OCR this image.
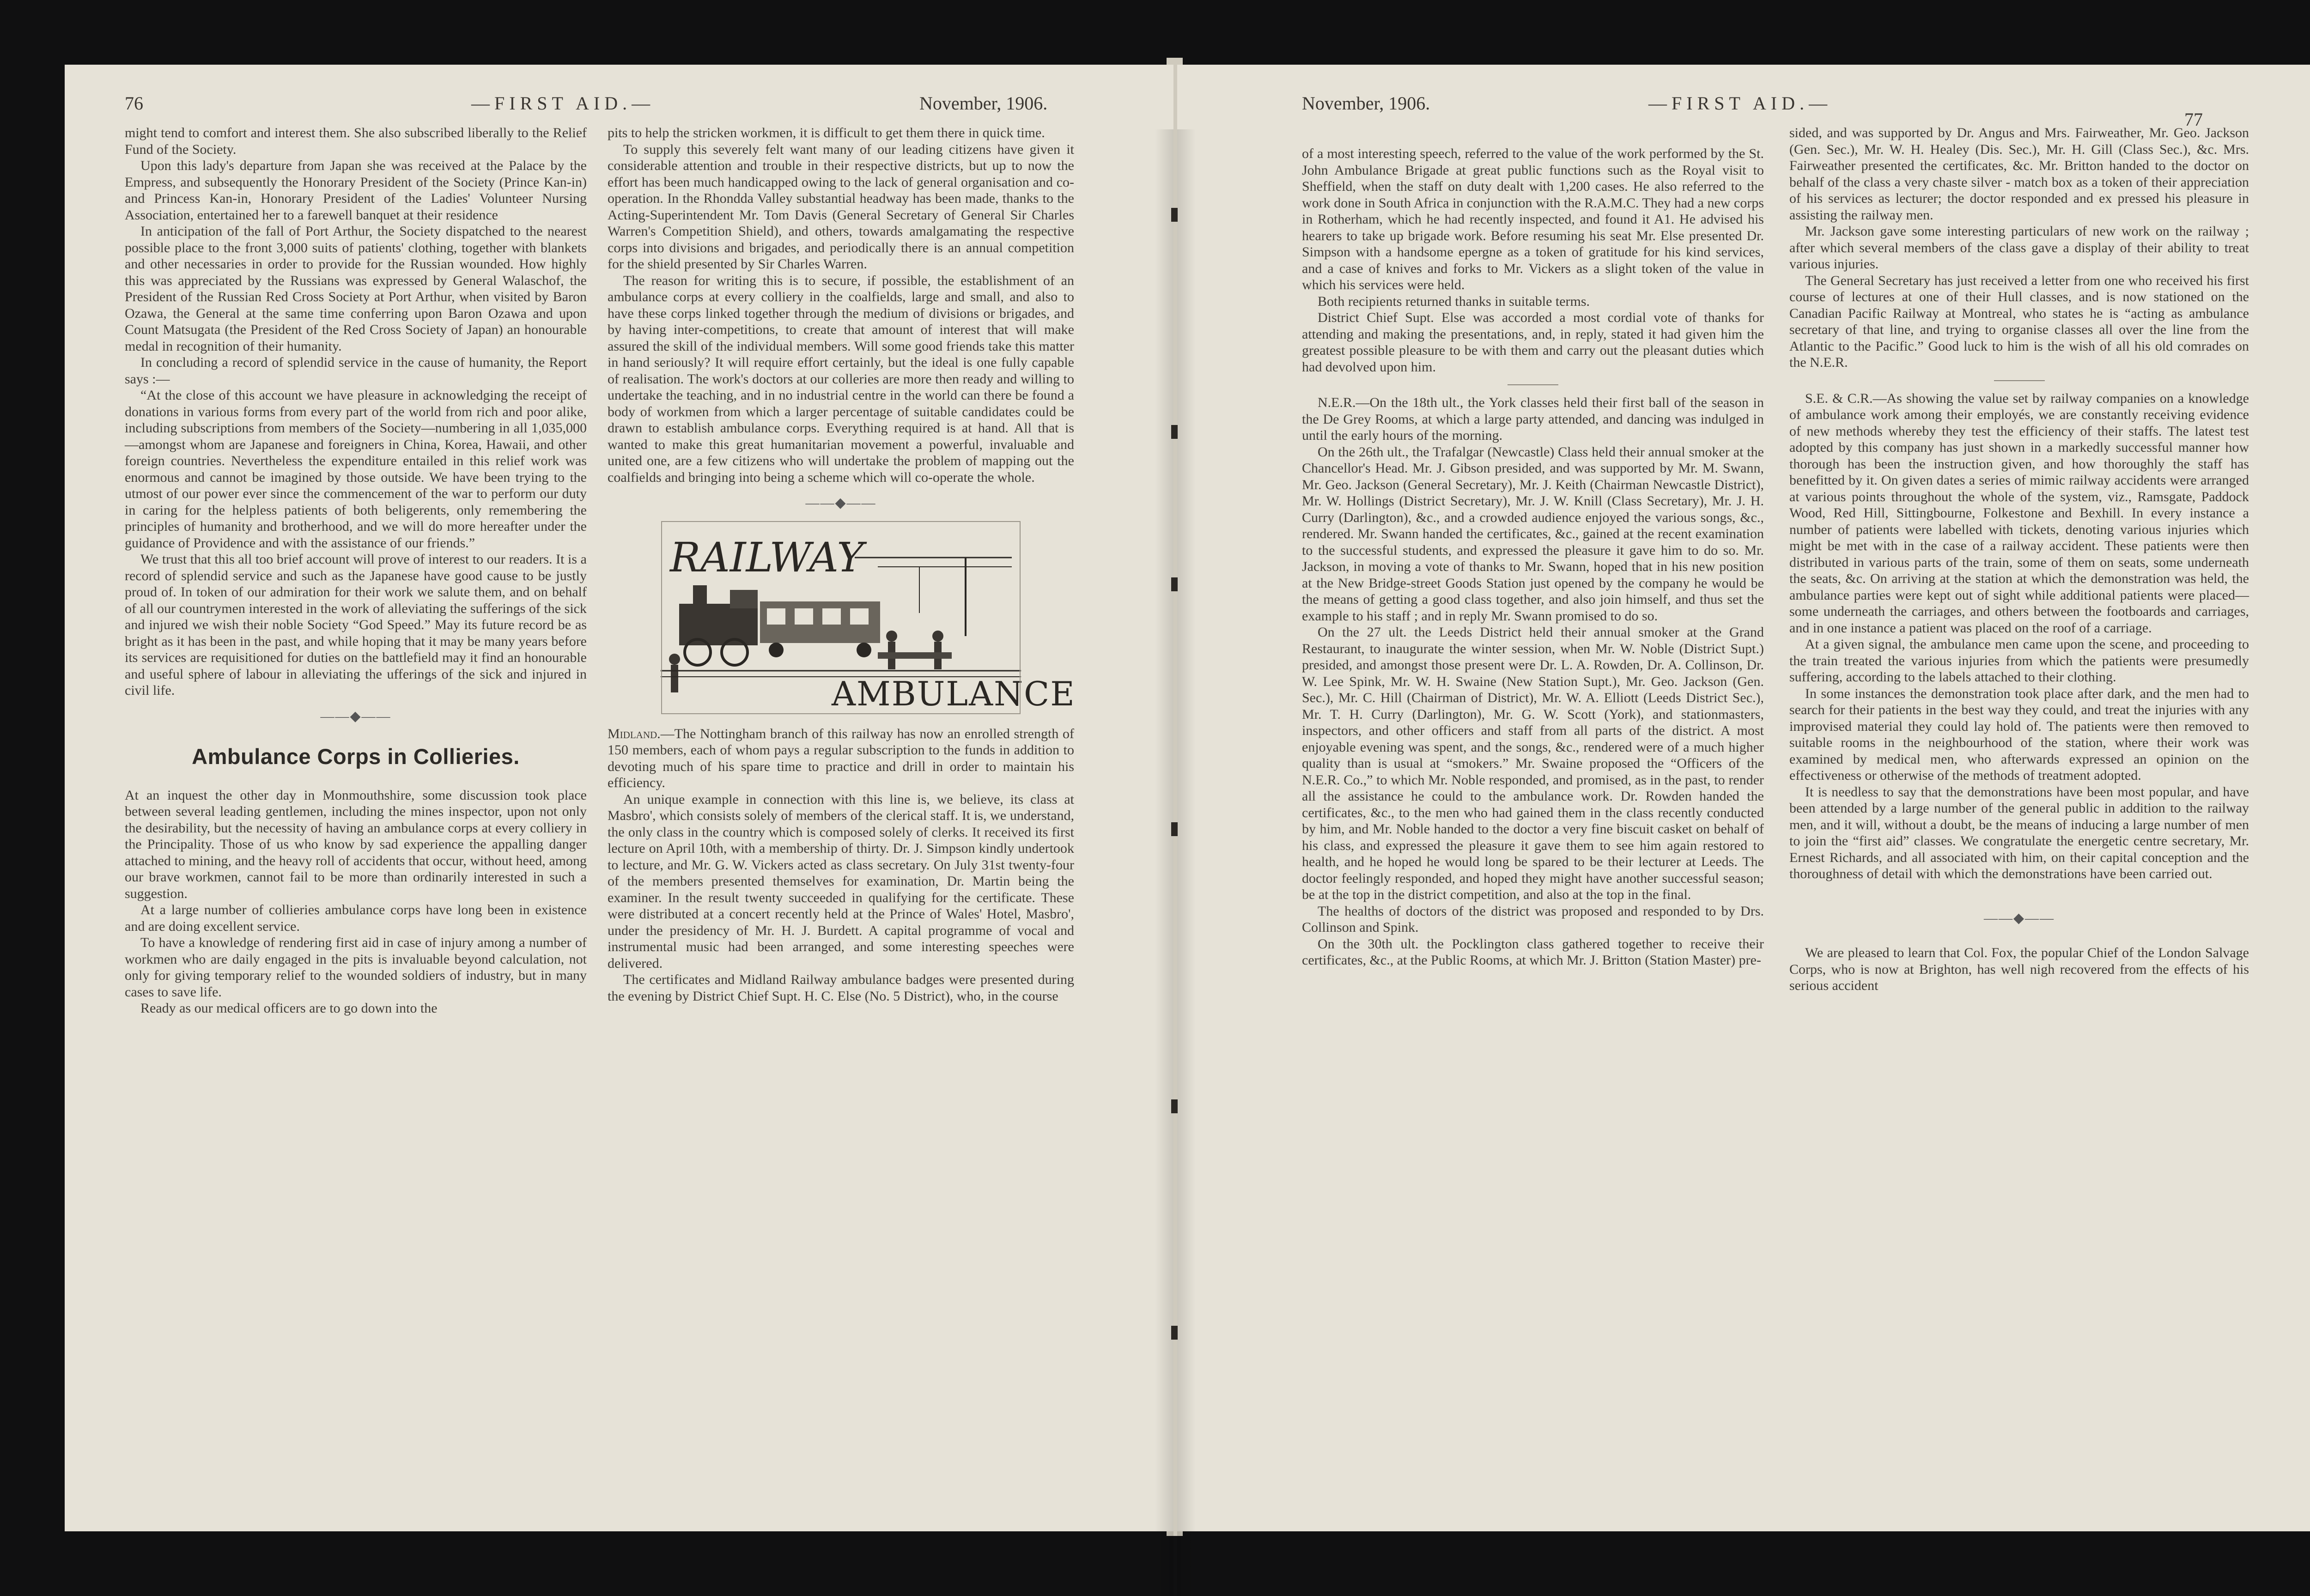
76	—FIRST AID.—	November, 1906.

might tend to comfort and interest them. She also subscribed liberally to the Relief Fund of the Society.

Upon this lady's departure from Japan she was received at the Palace by the Empress, and subsequently the Honorary President of the Society (Prince Kan-in) and Princess Kan-in, Honorary President of the Ladies' Volunteer Nursing Association, entertained her to a farewell banquet at their residence

In anticipation of the fall of Port Arthur, the Society dispatched to the nearest possible place to the front 3,000 suits of patients' clothing, together with blankets and other necessaries in order to provide for the Russian wounded. How highly this was appreciated by the Russians was expressed by General Walaschof, the President of the Russian Red Cross Society at Port Arthur, when visited by Baron Ozawa, the General at the same time conferring upon Baron Ozawa and upon Count Matsugata (the President of the Red Cross Society of Japan) an honourable medal in recognition of their humanity.

In concluding a record of splendid service in the cause of humanity, the Report says :—

“At the close of this account we have pleasure in acknowledging the receipt of donations in various forms from every part of the world from rich and poor alike, including subscriptions from members of the Society—numbering in all 1,035,000—amongst whom are Japanese and foreigners in China, Korea, Hawaii, and other foreign countries. Nevertheless the expenditure entailed in this relief work was enormous and cannot be imagined by those outside. We have been trying to the utmost of our power ever since the commencement of the war to perform our duty in caring for the helpless patients of both beligerents, only remembering the principles of humanity and brotherhood, and we will do more hereafter under the guidance of Providence and with the assistance of our friends.”

We trust that this all too brief account will prove of interest to our readers. It is a record of splendid service and such as the Japanese have good cause to be justly proud of. In token of our admiration for their work we salute them, and on behalf of all our countrymen interested in the work of alleviating the sufferings of the sick and injured we wish their noble Society “God Speed.” May its future record be as bright as it has been in the past, and while hoping that it may be many years before its services are requisitioned for duties on the battlefield may it find an honourable and useful sphere of labour in alleviating the ufferings of the sick and injured in civil life.

——◆——
Ambulance Corps in Collieries.

At an inquest the other day in Monmouthshire, some discussion took place between several leading gentlemen, including the mines inspector, upon not only the desirability, but the necessity of having an ambulance corps at every colliery in the Principality. Those of us who know by sad experience the appalling danger attached to mining, and the heavy roll of accidents that occur, without heed, among our brave workmen, cannot fail to be more than ordinarily interested in such a suggestion.

At a large number of collieries ambulance corps have long been in existence and are doing excellent service.

To have a knowledge of rendering first aid in case of injury among a number of workmen who are daily engaged in the pits is invaluable beyond calculation, not only for giving temporary relief to the wounded soldiers of industry, but in many cases to save life.

Ready as our medical officers are to go down into the

pits to help the stricken workmen, it is difficult to get them there in quick time.

To supply this severely felt want many of our leading citizens have given it considerable attention and trouble in their respective districts, but up to now the effort has been much handicapped owing to the lack of general organisation and co-operation. In the Rhondda Valley substantial headway has been made, thanks to the Acting-Superintendent Mr. Tom Davis (General Secretary of General Sir Charles Warren's Competition Shield), and others, towards amalgamating the respective corps into divisions and brigades, and periodically there is an annual competition for the shield presented by Sir Charles Warren.

The reason for writing this is to secure, if possible, the establishment of an ambulance corps at every colliery in the coalfields, large and small, and also to have these corps linked together through the medium of divisions or brigades, and by having inter-competitions, to create that amount of interest that will make assured the skill of the individual members. Will some good friends take this matter in hand seriously? It will require effort certainly, but the ideal is one fully capable of realisation. The work's doctors at our colleries are more then ready and willing to undertake the teaching, and in no industrial centre in the world can there be found a body of workmen from which a larger percentage of suitable candidates could be drawn to establish ambulance corps. Everything required is at hand. All that is wanted to make this great humanitarian movement a powerful, invaluable and united one, are a few citizens who will undertake the problem of mapping out the coalfields and bringing into being a scheme which will co-operate the whole.

——◆——
RAILWAY
AMBULANCE

Midland.—The Nottingham branch of this railway has now an enrolled strength of 150 members, each of whom pays a regular subscription to the funds in addition to devoting much of his spare time to practice and drill in order to maintain his efficiency.

An unique example in connection with this line is, we believe, its class at Masbro', which consists solely of members of the clerical staff. It is, we understand, the only class in the country which is composed solely of clerks. It received its first lecture on April 10th, with a membership of thirty. Dr. J. Simpson kindly undertook to lecture, and Mr. G. W. Vickers acted as class secretary. On July 31st twenty-four of the members presented themselves for examination, Dr. Martin being the examiner. In the result twenty succeeded in qualifying for the certificate. These were distributed at a concert recently held at the Prince of Wales' Hotel, Masbro', under the presidency of Mr. H. J. Burdett. A capital programme of vocal and instrumental music had been arranged, and some interesting speeches were delivered.

The certificates and Midland Railway ambulance badges were presented during the evening by District Chief Supt. H. C. Else (No. 5 District), who, in the course

November, 1906.	—FIRST AID.—
77

of a most interesting speech, referred to the value of the work performed by the St. John Ambulance Brigade at great public functions such as the Royal visit to Sheffield, when the staff on duty dealt with 1,200 cases. He also referred to the work done in South Africa in conjunction with the R.A.M.C. They had a new corps in Rotherham, which he had recently inspected, and found it A1. He advised his hearers to take up brigade work. Before resuming his seat Mr. Else presented Dr. Simpson with a handsome epergne as a token of gratitude for his kind services, and a case of knives and forks to Mr. Vickers as a slight token of the value in which his services were held.

Both recipients returned thanks in suitable terms.

District Chief Supt. Else was accorded a most cordial vote of thanks for attending and making the presentations, and, in reply, stated it had given him the greatest possible pleasure to be with them and carry out the pleasant duties which had devolved upon him.

N.E.R.—On the 18th ult., the York classes held their first ball of the season in the De Grey Rooms, at which a large party attended, and dancing was indulged in until the early hours of the morning.

On the 26th ult., the Trafalgar (Newcastle) Class held their annual smoker at the Chancellor's Head. Mr. J. Gibson presided, and was supported by Mr. M. Swann, Mr. Geo. Jackson (General Secretary), Mr. J. Keith (Chairman Newcastle District), Mr. W. Hollings (District Secretary), Mr. J. W. Knill (Class Secretary), Mr. J. H. Curry (Darlington), &c., and a crowded audience enjoyed the various songs, &c., rendered. Mr. Swann handed the certificates, &c., gained at the recent examination to the successful students, and expressed the pleasure it gave him to do so. Mr. Jackson, in moving a vote of thanks to Mr. Swann, hoped that in his new position at the New Bridge-street Goods Station just opened by the company he would be the means of getting a good class together, and also join himself, and thus set the example to his staff ; and in reply Mr. Swann promised to do so.

On the 27 ult. the Leeds District held their annual smoker at the Grand Restaurant, to inaugurate the winter session, when Mr. W. Noble (District Supt.) presided, and amongst those present were Dr. L. A. Rowden, Dr. A. Collinson, Dr. W. Lee Spink, Mr. W. H. Swaine (New Station Supt.), Mr. Geo. Jackson (Gen. Sec.), Mr. C. Hill (Chairman of District), Mr. W. A. Elliott (Leeds District Sec.), Mr. T. H. Curry (Darlington), Mr. G. W. Scott (York), and stationmasters, inspectors, and other officers and staff from all parts of the district. A most enjoyable evening was spent, and the songs, &c., rendered were of a much higher quality than is usual at “smokers.” Mr. Swaine proposed the “Officers of the N.E.R. Co.,” to which Mr. Noble responded, and promised, as in the past, to render all the assistance he could to the ambulance work. Dr. Rowden handed the certificates, &c., to the men who had gained them in the class recently conducted by him, and Mr. Noble handed to the doctor a very fine biscuit casket on behalf of his class, and expressed the pleasure it gave them to see him again restored to health, and he hoped he would long be spared to be their lecturer at Leeds. The doctor feelingly responded, and hoped they might have another successful season; be at the top in the district competition, and also at the top in the final.

The healths of doctors of the district was proposed and responded to by Drs. Collinson and Spink.

On the 30th ult. the Pocklington class gathered together to receive their certificates, &c., at the Public Rooms, at which Mr. J. Britton (Station Master) pre-

sided, and was supported by Dr. Angus and Mrs. Fairweather, Mr. Geo. Jackson (Gen. Sec.), Mr. W. H. Healey (Dis. Sec.), Mr. H. Gill (Class Sec.), &c. Mrs. Fairweather presented the certificates, &c. Mr. Britton handed to the doctor on behalf of the class a very chaste silver - match box as a token of their appreciation of his services as lecturer; the doctor responded and ex pressed his pleasure in assisting the railway men.

Mr. Jackson gave some interesting particulars of new work on the railway ; after which several members of the class gave a display of their ability to treat various injuries.

The General Secretary has just received a letter from one who received his first course of lectures at one of their Hull classes, and is now stationed on the Canadian Pacific Railway at Montreal, who states he is “acting as ambulance secretary of that line, and trying to organise classes all over the line from the Atlantic to the Pacific.” Good luck to him is the wish of all his old comrades on the N.E.R.

S.E. & C.R.—As showing the value set by railway companies on a knowledge of ambulance work among their employés, we are constantly receiving evidence of new methods whereby they test the efficiency of their staffs. The latest test adopted by this company has just shown in a markedly successful manner how thorough has been the instruction given, and how thoroughly the staff has benefitted by it. On given dates a series of mimic railway accidents were arranged at various points throughout the whole of the system, viz., Ramsgate, Paddock Wood, Red Hill, Sittingbourne, Folkestone and Bexhill. In every instance a number of patients were labelled with tickets, denoting various injuries which might be met with in the case of a railway accident. These patients were then distributed in various parts of the train, some of them on seats, some underneath the seats, &c. On arriving at the station at which the demonstration was held, the ambulance parties were kept out of sight while additional patients were placed—some underneath the carriages, and others between the footboards and carriages, and in one instance a patient was placed on the roof of a carriage.

At a given signal, the ambulance men came upon the scene, and proceeding to the train treated the various injuries from which the patients were presumedly suffering, according to the labels attached to their clothing.

In some instances the demonstration took place after dark, and the men had to search for their patients in the best way they could, and treat the injuries with any improvised material they could lay hold of. The patients were then removed to suitable rooms in the neighbourhood of the station, where their work was examined by medical men, who afterwards expressed an opinion on the effectiveness or otherwise of the methods of treatment adopted.

It is needless to say that the demonstrations have been most popular, and have been attended by a large number of the general public in addition to the railway men, and it will, without a doubt, be the means of inducing a large number of men to join the “first aid” classes. We congratulate the energetic centre secretary, Mr. Ernest Richards, and all associated with him, on their capital conception and the thoroughness of detail with which the demonstrations have been carried out.

——◆——

We are pleased to learn that Col. Fox, the popular Chief of the London Salvage Corps, who is now at Brighton, has well nigh recovered from the effects of his serious accident
